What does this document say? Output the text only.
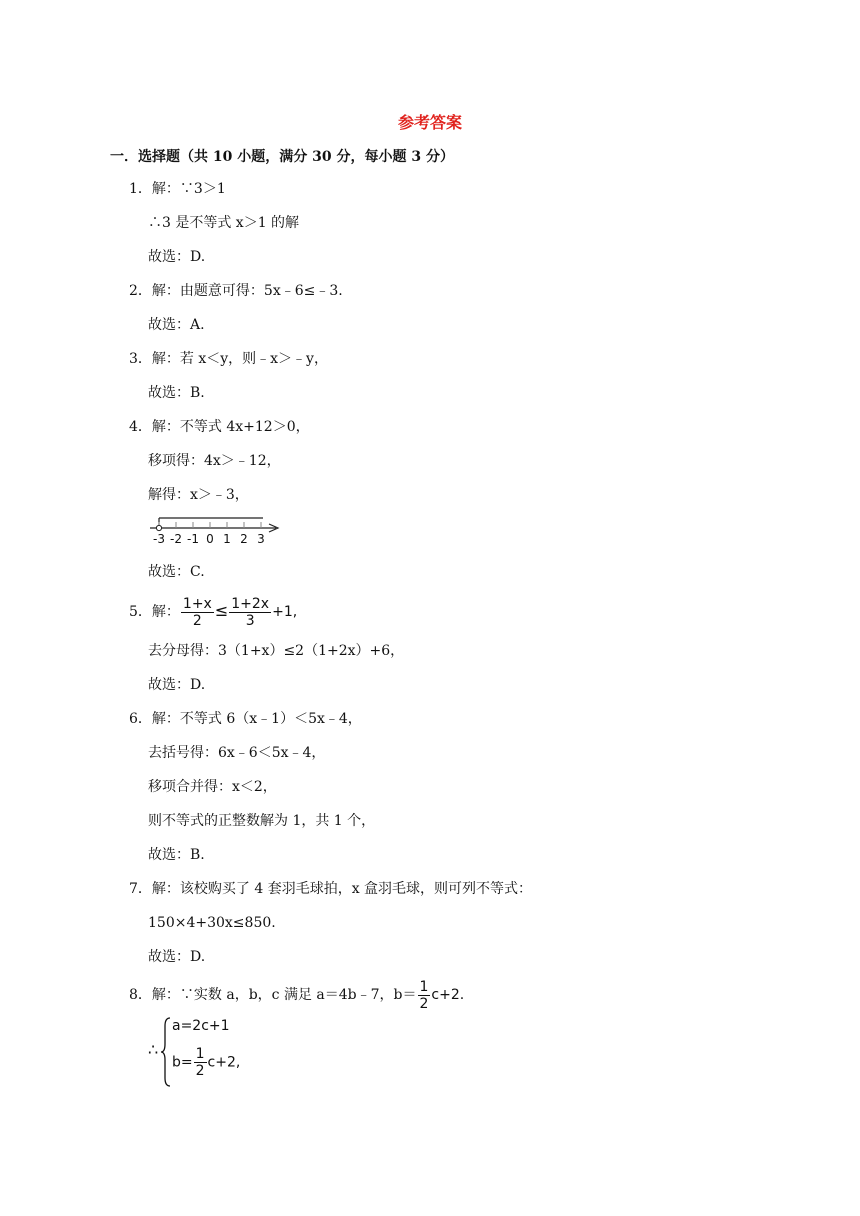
参考答案
一．选择题（共 10 小题，满分 30 分，每小题 3 分）
1．解：∵3＞1
∴3 是不等式 x＞1 的解
故选：D.
2．解：由题意可得：5x﹣6≤﹣3.
故选：A.
3．解：若 x＜y，则﹣x＞﹣y，
故选：B.
4．解：不等式 4x+12＞0，
移项得：4x＞﹣12，
解得：x＞﹣3，
-3 -2 -1 0 1 2 3
故选：C.
5．解： $\frac{1+x}{2} \le \frac{1+2x}{3} +1$,
去分母得：3（1+x）≤2（1+2x）+6，
故选：D.
6．解：不等式 6（x﹣1）＜5x﹣4，
去括号得：6x﹣6＜5x﹣4，
移项合并得：x＜2，
则不等式的正整数解为 1，共 1 个，
故选：B.
7．解：该校购买了 4 套羽毛球拍，x 盒羽毛球，则可列不等式：
150×4+30x≤850.
故选：D.
8．解：∵实数 a，b，c 满足 a＝4b﹣7，$b= \frac{1}{2} c+2$.
∴
a=2c+1
$b= \frac{1}{2} c+2$,
